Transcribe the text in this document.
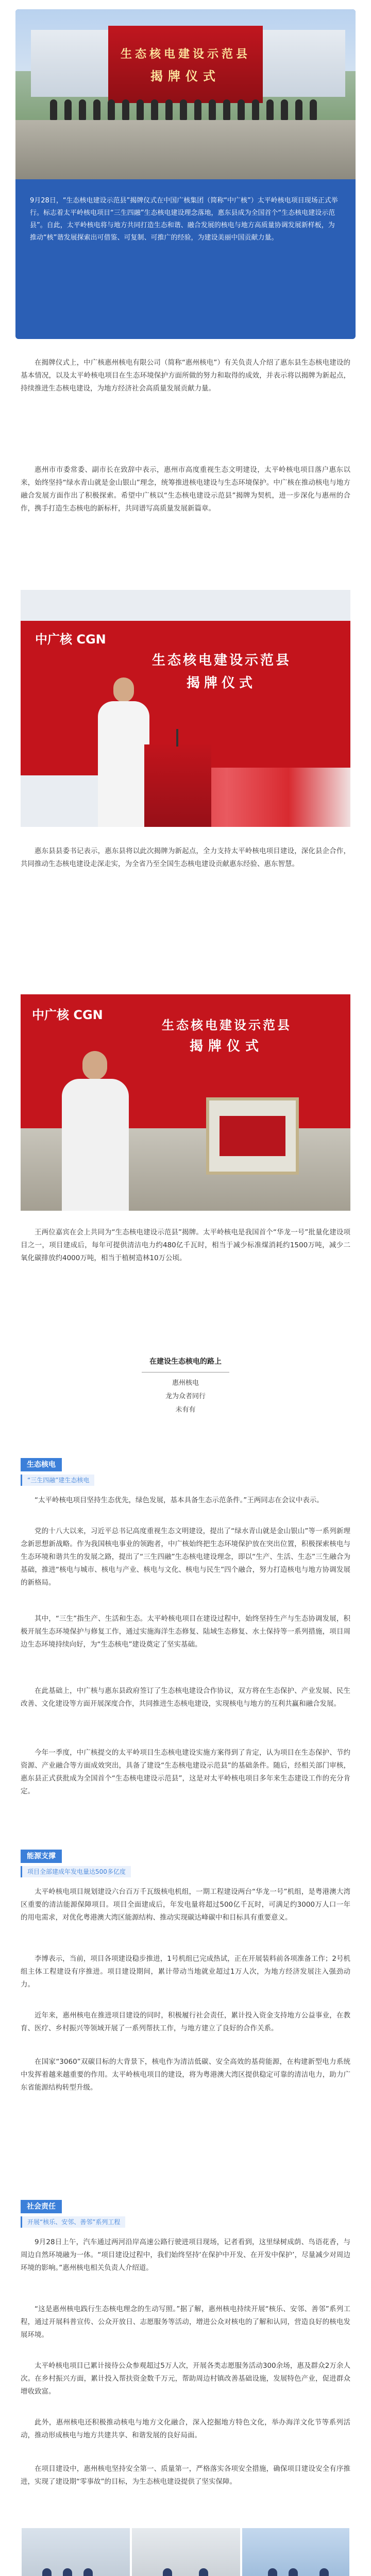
生态核电建设示范县
揭牌仪式
9月28日，“生态核电建设示范县”揭牌仪式在中国广核集团（简称“中广核”）太平岭核电项目现场正式举行。标志着太平岭核电项目“三生四融”生态核电建设理念落地，惠东县成为全国首个“生态核电建设示范县”。自此，太平岭核电将与地方共同打造生态和谐、融合发展的核电与地方高质量协调发展新样板，为推动“核”谐发展探索出可借鉴、可复制、可推广的经验，为建设美丽中国贡献力量。
在揭牌仪式上，中广核惠州核电有限公司（简称“惠州核电”）有关负责人介绍了惠东县生态核电建设的基本情况，以及太平岭核电项目在生态环境保护方面所做的努力和取得的成效，并表示将以揭牌为新起点，持续推进生态核电建设，为地方经济社会高质量发展贡献力量。
惠州市市委常委、副市长在致辞中表示，惠州市高度重视生态文明建设，太平岭核电项目落户惠东以来，始终坚持“绿水青山就是金山银山”理念，统筹推进核电建设与生态环境保护。中广核在推动核电与地方融合发展方面作出了积极探索。希望中广核以“生态核电建设示范县”揭牌为契机，进一步深化与惠州的合作，携手打造生态核电的新标杆，共同谱写高质量发展新篇章。
中广核 CGN
生态核电建设示范县
揭牌仪式
惠东县县委书记表示，惠东县将以此次揭牌为新起点，全力支持太平岭核电项目建设，深化县企合作，共同推动生态核电建设走深走实，为全省乃至全国生态核电建设贡献惠东经验、惠东智慧。
中广核 CGN
生态核电建设示范县
揭牌仪式
王两位嘉宾在会上共同为“生态核电建设示范县”揭牌。太平岭核电是我国首个“华龙一号”批量化建设项目之一，项目建成后，每年可提供清洁电力约480亿千瓦时，相当于减少标准煤消耗约1500万吨，减少二氧化碳排放约4000万吨，相当于植树造林10万公顷。
在建设生态核电的路上
惠州核电
龙为众者同行
未有有
生态核电
“三生四融”建生态核电
“太平岭核电项目坚持生态优先，绿色发展，基本具备生态示范条件。”王两同志在会议中表示。
党的十八大以来，习近平总书记高度重视生态文明建设，提出了“绿水青山就是金山银山”等一系列新理念新思想新战略。作为我国核电事业的领跑者，中广核始终把生态环境保护放在突出位置，积极探索核电与生态环境和谐共生的发展之路，提出了“三生四融”生态核电建设理念，即以“生产、生活、生态”三生融合为基础，推进“核电与城市、核电与产业、核电与文化、核电与民生”四个融合，努力打造核电与地方协调发展的新格局。
其中，“三生”指生产、生活和生态。太平岭核电项目在建设过程中，始终坚持生产与生态协调发展，积极开展生态环境保护与修复工作，通过实施海洋生态修复、陆域生态修复、水土保持等一系列措施，项目周边生态环境持续向好，为“生态核电”建设奠定了坚实基础。
在此基础上，中广核与惠东县政府签订了生态核电建设合作协议，双方将在生态保护、产业发展、民生改善、文化建设等方面开展深度合作，共同推进生态核电建设，实现核电与地方的互利共赢和融合发展。
今年一季度，中广核提交的太平岭项目生态核电建设实施方案得到了肯定，认为项目在生态保护、节约资源、产业融合等方面成效突出，具备了建设“生态核电建设示范县”的基础条件。随后，经相关部门审核，惠东县正式获批成为全国首个“生态核电建设示范县”，这是对太平岭核电项目多年来生态建设工作的充分肯定。
能源支撑
项目全部建成年发电量达500多亿度
太平岭核电项目规划建设六台百万千瓦级核电机组，一期工程建设两台“华龙一号”机组，是粤港澳大湾区重要的清洁能源保障项目。项目全面建成后，年发电量将超过500亿千瓦时，可满足约3000万人口一年的用电需求，对优化粤港澳大湾区能源结构、推动实现碳达峰碳中和目标具有重要意义。
李博表示，当前，项目各项建设稳步推进，1号机组已完成热试，正在开展装料前各项准备工作；2号机组主体工程建设有序推进。项目建设期间，累计带动当地就业超过1万人次，为地方经济发展注入强劲动力。
近年来，惠州核电在推进项目建设的同时，积极履行社会责任，累计投入资金支持地方公益事业，在教育、医疗、乡村振兴等领域开展了一系列帮扶工作，与地方建立了良好的合作关系。
在国家“3060”双碳目标的大背景下，核电作为清洁低碳、安全高效的基荷能源，在构建新型电力系统中发挥着越来越重要的作用。太平岭核电项目的建设，将为粤港澳大湾区提供稳定可靠的清洁电力，助力广东省能源结构转型升级。
社会责任
开展“核乐、安邻、善邻”系列工程
9月28日上午，汽车通过两河沿岸高速公路行驶进项目现场，记者看到，这里绿树成荫、鸟语花香，与周边自然环境融为一体。“项目建设过程中，我们始终坚持‘在保护中开发、在开发中保护’，尽量减少对周边环境的影响。”惠州核电相关负责人介绍道。
“这是惠州核电践行生态核电理念的生动写照。”据了解，惠州核电持续开展“核乐、安邻、善邻”系列工程，通过开展科普宣传、公众开放日、志愿服务等活动，增进公众对核电的了解和认同，营造良好的核电发展环境。
太平岭核电项目已累计接待公众参观超过5万人次，开展各类志愿服务活动300余场，惠及群众2万余人次。在乡村振兴方面，累计投入帮扶资金数千万元，帮助周边村镇改善基础设施，发展特色产业，促进群众增收致富。
此外，惠州核电还积极推动核电与地方文化融合，深入挖掘地方特色文化，举办海洋文化节等系列活动，推动形成核电与地方共建共享、和谐发展的良好局面。
在项目建设中，惠州核电坚持安全第一、质量第一，严格落实各项安全措施，确保项目建设安全有序推进，实现了建设期“零事故”的目标，为生态核电建设提供了坚实保障。
